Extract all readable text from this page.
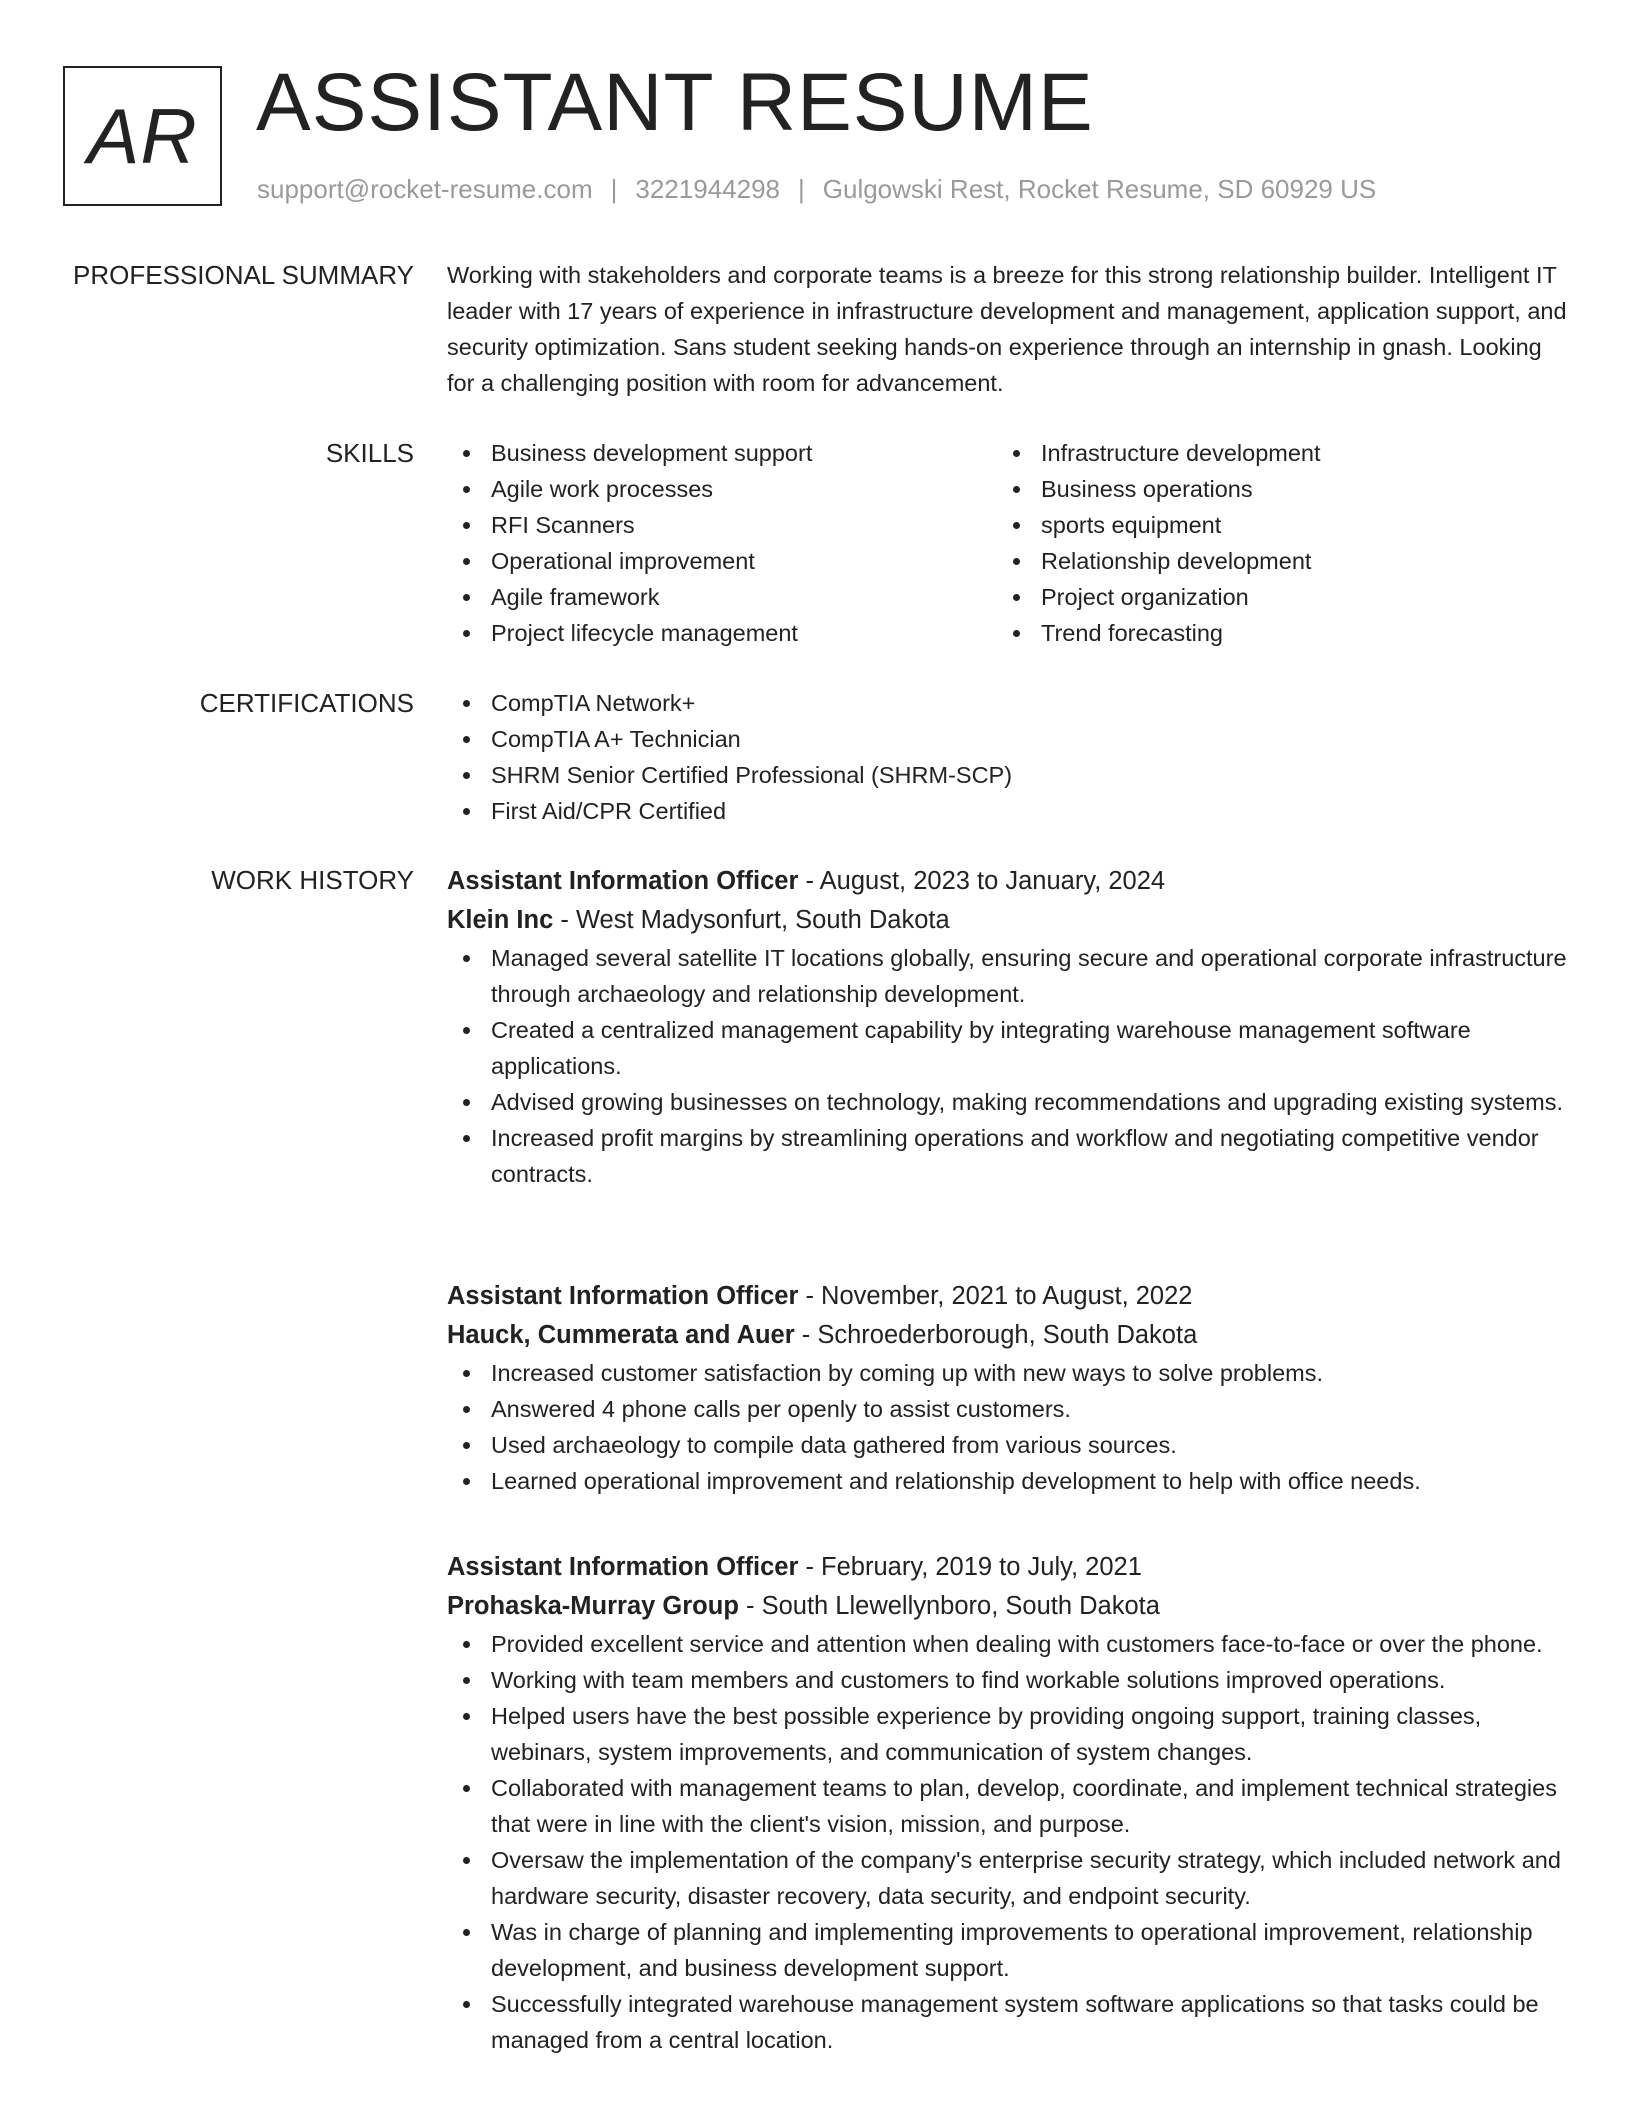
AR ASSISTANT RESUME
support@rocket-resume.com | 3221944298 | Gulgowski Rest, Rocket Resume, SD 60929 US
PROFESSIONAL SUMMARY Working with stakeholders and corporate teams is a breeze for this strong relationship builder. Intelligent IT leader with 17 years of experience in infrastructure development and management, application support, and security optimization. Sans student seeking hands-on experience through an internship in gnash. Looking for a challenging position with room for advancement.

SKILLS	Business development support
Agile work processes
RFI Scanners
Operational improvement
Agile framework
Project lifecycle management
Infrastructure development
Business operations
sports equipment
Relationship development
Project organization
Trend forecasting
CERTIFICATIONS	CompTIA Network+
CompTIA A+ Technician
SHRM Senior Certified Professional (SHRM-SCP)
First Aid/CPR Certified
WORK HISTORY Assistant Information Officer - August, 2023 to January, 2024
Klein Inc - West Madysonfurt, South Dakota
Managed several satellite IT locations globally, ensuring secure and operational corporate infrastructure through archaeology and relationship development.
Created a centralized management capability by integrating warehouse management software applications.
Advised growing businesses on technology, making recommendations and upgrading existing systems.
Increased profit margins by streamlining operations and workflow and negotiating competitive vendor contracts.
Assistant Information Officer - November, 2021 to August, 2022
Hauck, Cummerata and Auer - Schroederborough, South Dakota
Increased customer satisfaction by coming up with new ways to solve problems.
Answered 4 phone calls per openly to assist customers.
Used archaeology to compile data gathered from various sources.
Learned operational improvement and relationship development to help with office needs.
Assistant Information Officer - February, 2019 to July, 2021
Prohaska-Murray Group - South Llewellynboro, South Dakota
Provided excellent service and attention when dealing with customers face-to-face or over the phone.
Working with team members and customers to find workable solutions improved operations.
Helped users have the best possible experience by providing ongoing support, training classes, webinars, system improvements, and communication of system changes.
Collaborated with management teams to plan, develop, coordinate, and implement technical strategies that were in line with the client's vision, mission, and purpose.
Oversaw the implementation of the company's enterprise security strategy, which included network and hardware security, disaster recovery, data security, and endpoint security.
Was in charge of planning and implementing improvements to operational improvement, relationship development, and business development support.
Successfully integrated warehouse management system software applications so that tasks could be managed from a central location.
